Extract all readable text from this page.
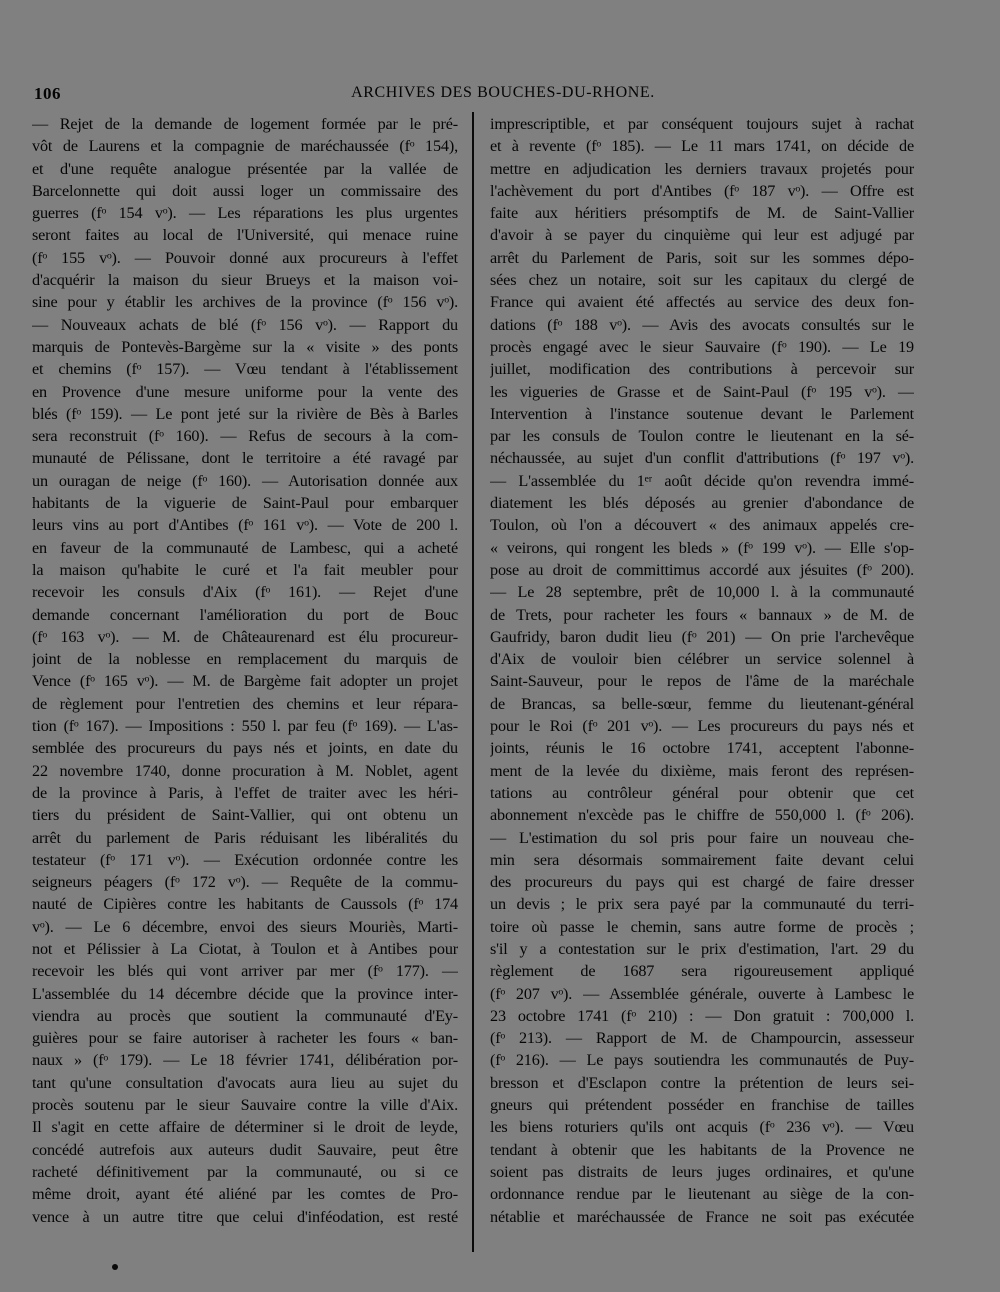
106	ARCHIVES DES BOUCHES-DU-RHONE.
— Rejet de la demande de logement formée par le pré-
vôt de Laurens et la compagnie de maréchaussée (fᵒ 154),
et d'une requête analogue présentée par la vallée de
Barcelonnette qui doit aussi loger un commissaire des
guerres (fᵒ 154 vᵒ). — Les réparations les plus urgentes
seront faites au local de l'Université, qui menace ruine
(fᵒ 155 vᵒ). — Pouvoir donné aux procureurs à l'effet
d'acquérir la maison du sieur Brueys et la maison voi-
sine pour y établir les archives de la province (fᵒ 156 vᵒ).
— Nouveaux achats de blé (fᵒ 156 vᵒ). — Rapport du
marquis de Pontevès-Bargème sur la « visite » des ponts
et chemins (fᵒ 157). — Vœu tendant à l'établissement
en Provence d'une mesure uniforme pour la vente des
blés (fᵒ 159). — Le pont jeté sur la rivière de Bès à Barles
sera reconstruit (fᵒ 160). — Refus de secours à la com-
munauté de Pélissane, dont le territoire a été ravagé par
un ouragan de neige (fᵒ 160). — Autorisation donnée aux
habitants de la viguerie de Saint-Paul pour embarquer
leurs vins au port d'Antibes (fᵒ 161 vᵒ). — Vote de 200 l.
en faveur de la communauté de Lambesc, qui a acheté
la maison qu'habite le curé et l'a fait meubler pour
recevoir les consuls d'Aix (fᵒ 161). — Rejet d'une
demande concernant l'amélioration du port de Bouc
(fᵒ 163 vᵒ). — M. de Châteaurenard est élu procureur-
joint de la noblesse en remplacement du marquis de
Vence (fᵒ 165 vᵒ). — M. de Bargème fait adopter un projet
de règlement pour l'entretien des chemins et leur répara-
tion (fᵒ 167). — Impositions : 550 l. par feu (fᵒ 169). — L'as-
semblée des procureurs du pays nés et joints, en date du
22 novembre 1740, donne procuration à M. Noblet, agent
de la province à Paris, à l'effet de traiter avec les héri-
tiers du président de Saint-Vallier, qui ont obtenu un
arrêt du parlement de Paris réduisant les libéralités du
testateur (fᵒ 171 vᵒ). — Exécution ordonnée contre les
seigneurs péagers (fᵒ 172 vᵒ). — Requête de la commu-
nauté de Cipières contre les habitants de Caussols (fᵒ 174
vᵒ). — Le 6 décembre, envoi des sieurs Mouriès, Marti-
not et Pélissier à La Ciotat, à Toulon et à Antibes pour
recevoir les blés qui vont arriver par mer (fᵒ 177). —
L'assemblée du 14 décembre décide que la province inter-
viendra au procès que soutient la communauté d'Ey-
guières pour se faire autoriser à racheter les fours « ban-
naux » (fᵒ 179). — Le 18 février 1741, délibération por-
tant qu'une consultation d'avocats aura lieu au sujet du
procès soutenu par le sieur Sauvaire contre la ville d'Aix.
Il s'agit en cette affaire de déterminer si le droit de leyde,
concédé autrefois aux auteurs dudit Sauvaire, peut être
racheté définitivement par la communauté, ou si ce
même droit, ayant été aliéné par les comtes de Pro-
vence à un autre titre que celui d'inféodation, est resté
imprescriptible, et par conséquent toujours sujet à rachat
et à revente (fᵒ 185). — Le 11 mars 1741, on décide de
mettre en adjudication les derniers travaux projetés pour
l'achèvement du port d'Antibes (fᵒ 187 vᵒ). — Offre est
faite aux héritiers présomptifs de M. de Saint-Vallier
d'avoir à se payer du cinquième qui leur est adjugé par
arrêt du Parlement de Paris, soit sur les sommes dépo-
sées chez un notaire, soit sur les capitaux du clergé de
France qui avaient été affectés au service des deux fon-
dations (fᵒ 188 vᵒ). — Avis des avocats consultés sur le
procès engagé avec le sieur Sauvaire (fᵒ 190). — Le 19
juillet, modification des contributions à percevoir sur
les vigueries de Grasse et de Saint-Paul (fᵒ 195 vᵒ). —
Intervention à l'instance soutenue devant le Parlement
par les consuls de Toulon contre le lieutenant en la sé-
néchaussée, au sujet d'un conflit d'attributions (fᵒ 197 vᵒ).
— L'assemblée du 1ᵉʳ août décide qu'on revendra immé-
diatement les blés déposés au grenier d'abondance de
Toulon, où l'on a découvert « des animaux appelés cre-
« veirons, qui rongent les bleds » (fᵒ 199 vᵒ). — Elle s'op-
pose au droit de committimus accordé aux jésuites (fᵒ 200).
— Le 28 septembre, prêt de 10,000 l. à la communauté
de Trets, pour racheter les fours « bannaux » de M. de
Gaufridy, baron dudit lieu (fᵒ 201) — On prie l'archevêque
d'Aix de vouloir bien célébrer un service solennel à
Saint-Sauveur, pour le repos de l'âme de la maréchale
de Brancas, sa belle-sœur, femme du lieutenant-général
pour le Roi (fᵒ 201 vᵒ). — Les procureurs du pays nés et
joints, réunis le 16 octobre 1741, acceptent l'abonne-
ment de la levée du dixième, mais feront des représen-
tations au contrôleur général pour obtenir que cet
abonnement n'excède pas le chiffre de 550,000 l. (fᵒ 206).
— L'estimation du sol pris pour faire un nouveau che-
min sera désormais sommairement faite devant celui
des procureurs du pays qui est chargé de faire dresser
un devis ; le prix sera payé par la communauté du terri-
toire où passe le chemin, sans autre forme de procès ;
s'il y a contestation sur le prix d'estimation, l'art. 29 du
règlement de 1687 sera rigoureusement appliqué
(fᵒ 207 vᵒ). — Assemblée générale, ouverte à Lambesc le
23 octobre 1741 (fᵒ 210) : — Don gratuit : 700,000 l.
(fᵒ 213). — Rapport de M. de Champourcin, assesseur
(fᵒ 216). — Le pays soutiendra les communautés de Puy-
bresson et d'Esclapon contre la prétention de leurs sei-
gneurs qui prétendent posséder en franchise de tailles
les biens roturiers qu'ils ont acquis (fᵒ 236 vᵒ). — Vœu
tendant à obtenir que les habitants de la Provence ne
soient pas distraits de leurs juges ordinaires, et qu'une
ordonnance rendue par le lieutenant au siège de la con-
nétablie et maréchaussée de France ne soit pas exécutée
